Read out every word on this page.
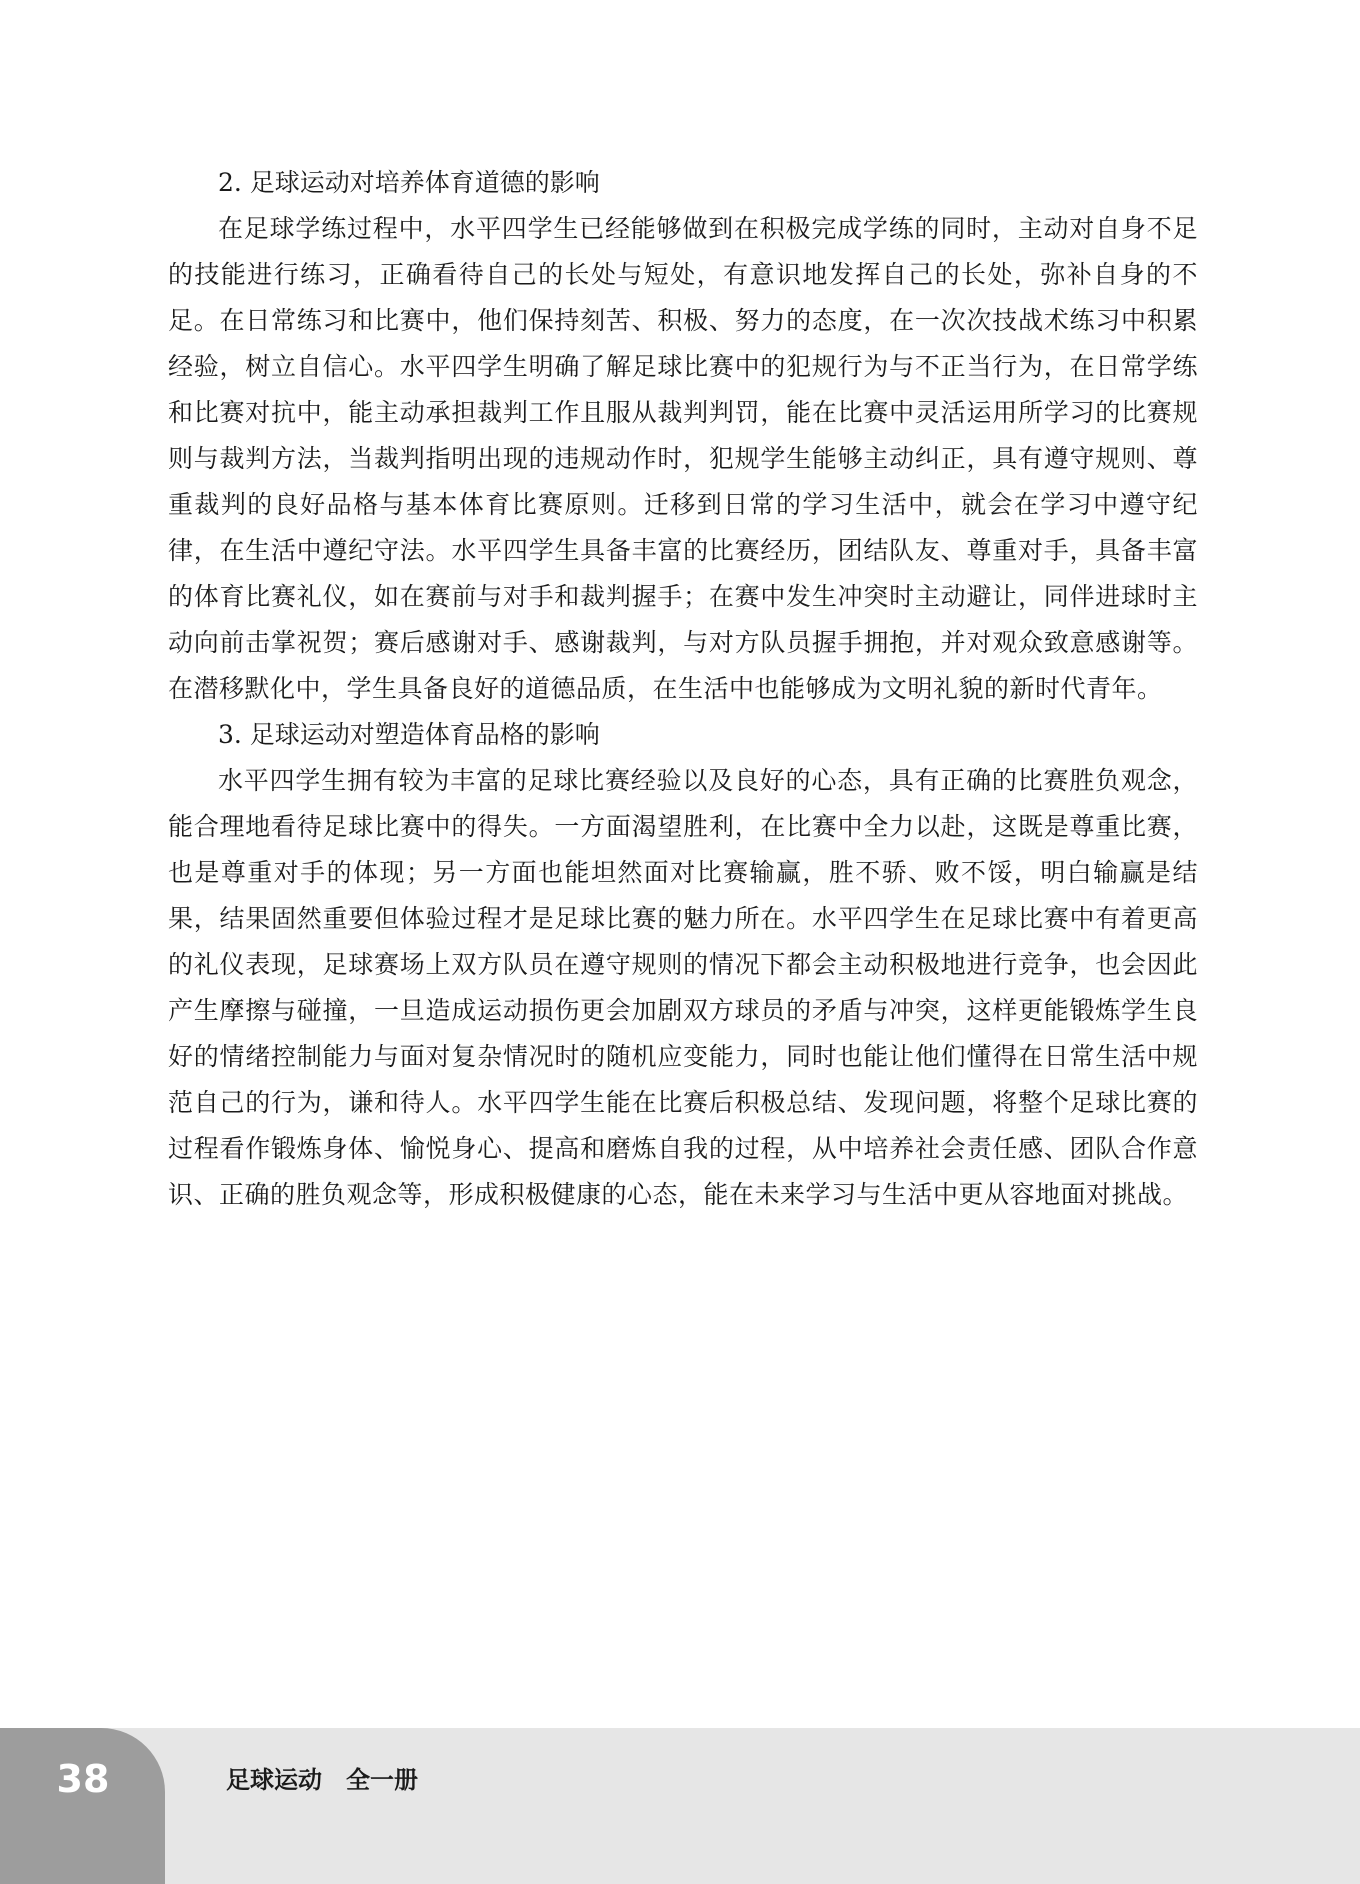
2. 足球运动对培养体育道德的影响

在足球学练过程中，水平四学生已经能够做到在积极完成学练的同时，主动对自身不足的技能进行练习，正确看待自己的长处与短处，有意识地发挥自己的长处，弥补自身的不足。在日常练习和比赛中，他们保持刻苦、积极、努力的态度，在一次次技战术练习中积累经验，树立自信心。水平四学生明确了解足球比赛中的犯规行为与不正当行为，在日常学练和比赛对抗中，能主动承担裁判工作且服从裁判判罚，能在比赛中灵活运用所学习的比赛规则与裁判方法，当裁判指明出现的违规动作时，犯规学生能够主动纠正，具有遵守规则、尊重裁判的良好品格与基本体育比赛原则。迁移到日常的学习生活中，就会在学习中遵守纪律，在生活中遵纪守法。水平四学生具备丰富的比赛经历，团结队友、尊重对手，具备丰富的体育比赛礼仪，如在赛前与对手和裁判握手；在赛中发生冲突时主动避让，同伴进球时主动向前击掌祝贺；赛后感谢对手、感谢裁判，与对方队员握手拥抱，并对观众致意感谢等。在潜移默化中，学生具备良好的道德品质，在生活中也能够成为文明礼貌的新时代青年。

3. 足球运动对塑造体育品格的影响

水平四学生拥有较为丰富的足球比赛经验以及良好的心态，具有正确的比赛胜负观念，能合理地看待足球比赛中的得失。一方面渴望胜利，在比赛中全力以赴，这既是尊重比赛，也是尊重对手的体现；另一方面也能坦然面对比赛输赢，胜不骄、败不馁，明白输赢是结果，结果固然重要但体验过程才是足球比赛的魅力所在。水平四学生在足球比赛中有着更高的礼仪表现，足球赛场上双方队员在遵守规则的情况下都会主动积极地进行竞争，也会因此产生摩擦与碰撞，一旦造成运动损伤更会加剧双方球员的矛盾与冲突，这样更能锻炼学生良好的情绪控制能力与面对复杂情况时的随机应变能力，同时也能让他们懂得在日常生活中规范自己的行为，谦和待人。水平四学生能在比赛后积极总结、发现问题，将整个足球比赛的过程看作锻炼身体、愉悦身心、提高和磨炼自我的过程，从中培养社会责任感、团队合作意识、正确的胜负观念等，形成积极健康的心态，能在未来学习与生活中更从容地面对挑战。

38	足球运动　全一册
